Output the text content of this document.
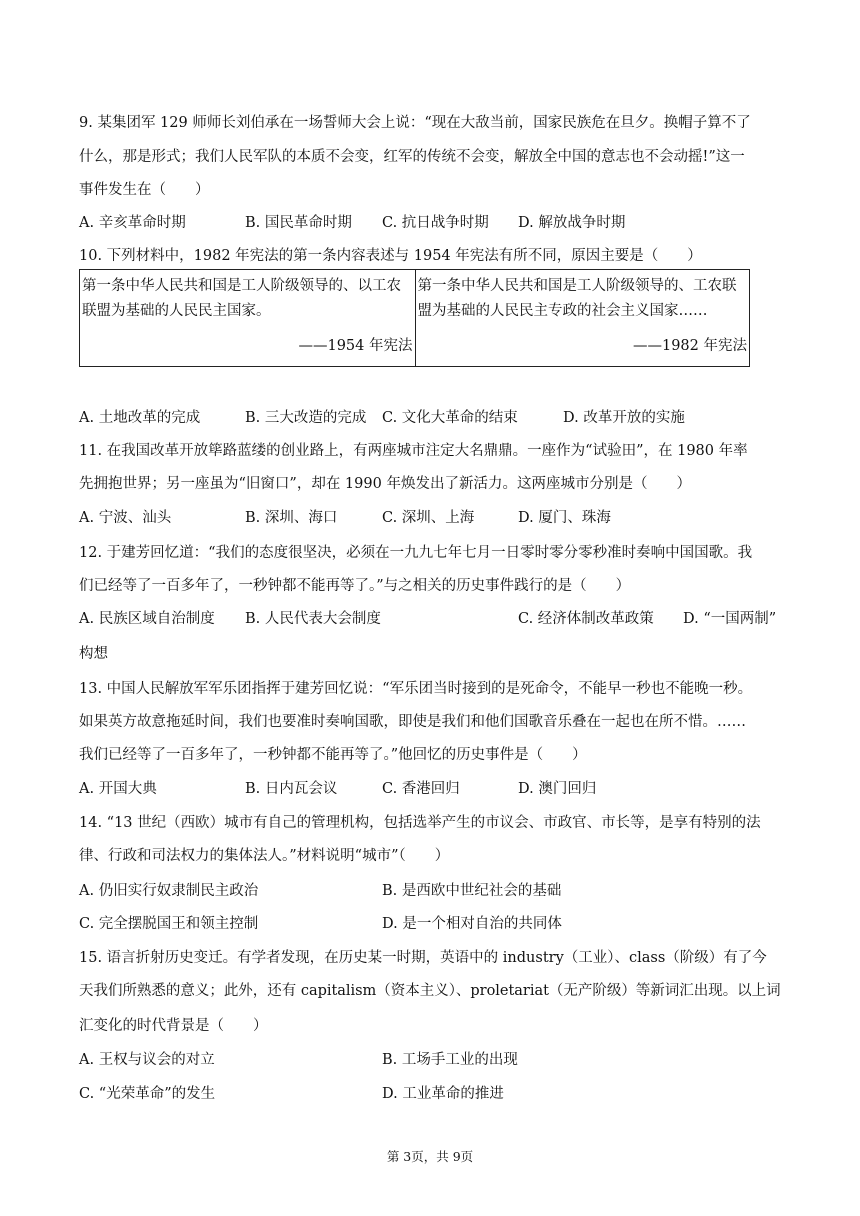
9. 某集团军 129 师师长刘伯承在一场誓师大会上说：“现在大敌当前，国家民族危在旦夕。换帽子算不了
什么，那是形式；我们人民军队的本质不会变，红军的传统不会变，解放全中国的意志也不会动摇!”这一
事件发生在（　　）
A. 辛亥革命时期	B. 国民革命时期 C. 抗日战争时期 D. 解放战争时期
10. 下列材料中，1982 年宪法的第一条内容表述与 1954 年宪法有所不同，原因主要是（　　）
第一条中华人民共和国是工人阶级领导的、以工农
联盟为基础的人民民主国家。
——1954 年宪法
第一条中华人民共和国是工人阶级领导的、工农联
盟为基础的人民民主专政的社会主义国家……
——1982 年宪法
A. 土地改革的完成	B. 三大改造的完成 C. 文化大革命的结束	D. 改革开放的实施
11. 在我国改革开放筚路蓝缕的创业路上，有两座城市注定大名鼎鼎。一座作为“试验田”，在 1980 年率
先拥抱世界；另一座虽为“旧窗口”，却在 1990 年焕发出了新活力。这两座城市分别是（　　）
A. 宁波、汕头	B. 深圳、海口	C. 深圳、上海	D. 厦门、珠海
12. 于建芳回忆道：“我们的态度很坚决，必须在一九九七年七月一日零时零分零秒准时奏响中国国歌。我
们已经等了一百多年了，一秒钟都不能再等了。”与之相关的历史事件践行的是（　　）
A. 民族区域自治制度 B. 人民代表大会制度	C. 经济体制改革政策 D. “一国两制”
构想
13. 中国人民解放军军乐团指挥于建芳回忆说：“军乐团当时接到的是死命令，不能早一秒也不能晚一秒。
如果英方故意拖延时间，我们也要准时奏响国歌，即使是我们和他们国歌音乐叠在一起也在所不惜。……
我们已经等了一百多年了，一秒钟都不能再等了。”他回忆的历史事件是（　　）
A. 开国大典	B. 日内瓦会议	C. 香港回归	D. 澳门回归
14. “13 世纪（西欧）城市有自己的管理机构，包括选举产生的市议会、市政官、市长等，是享有特别的法
律、行政和司法权力的集体法人。”材料说明“城市”（　　）
A. 仍旧实行奴隶制民主政治	B. 是西欧中世纪社会的基础
C. 完全摆脱国王和领主控制	D. 是一个相对自治的共同体
15. 语言折射历史变迁。有学者发现，在历史某一时期，英语中的 industry（工业）、class（阶级）有了今
天我们所熟悉的意义；此外，还有 capitalism（资本主义）、proletariat（无产阶级）等新词汇出现。以上词
汇变化的时代背景是（　　）
A. 王权与议会的对立	B. 工场手工业的出现
C. “光荣革命”的发生	D. 工业革命的推进
第 3页，共 9页
